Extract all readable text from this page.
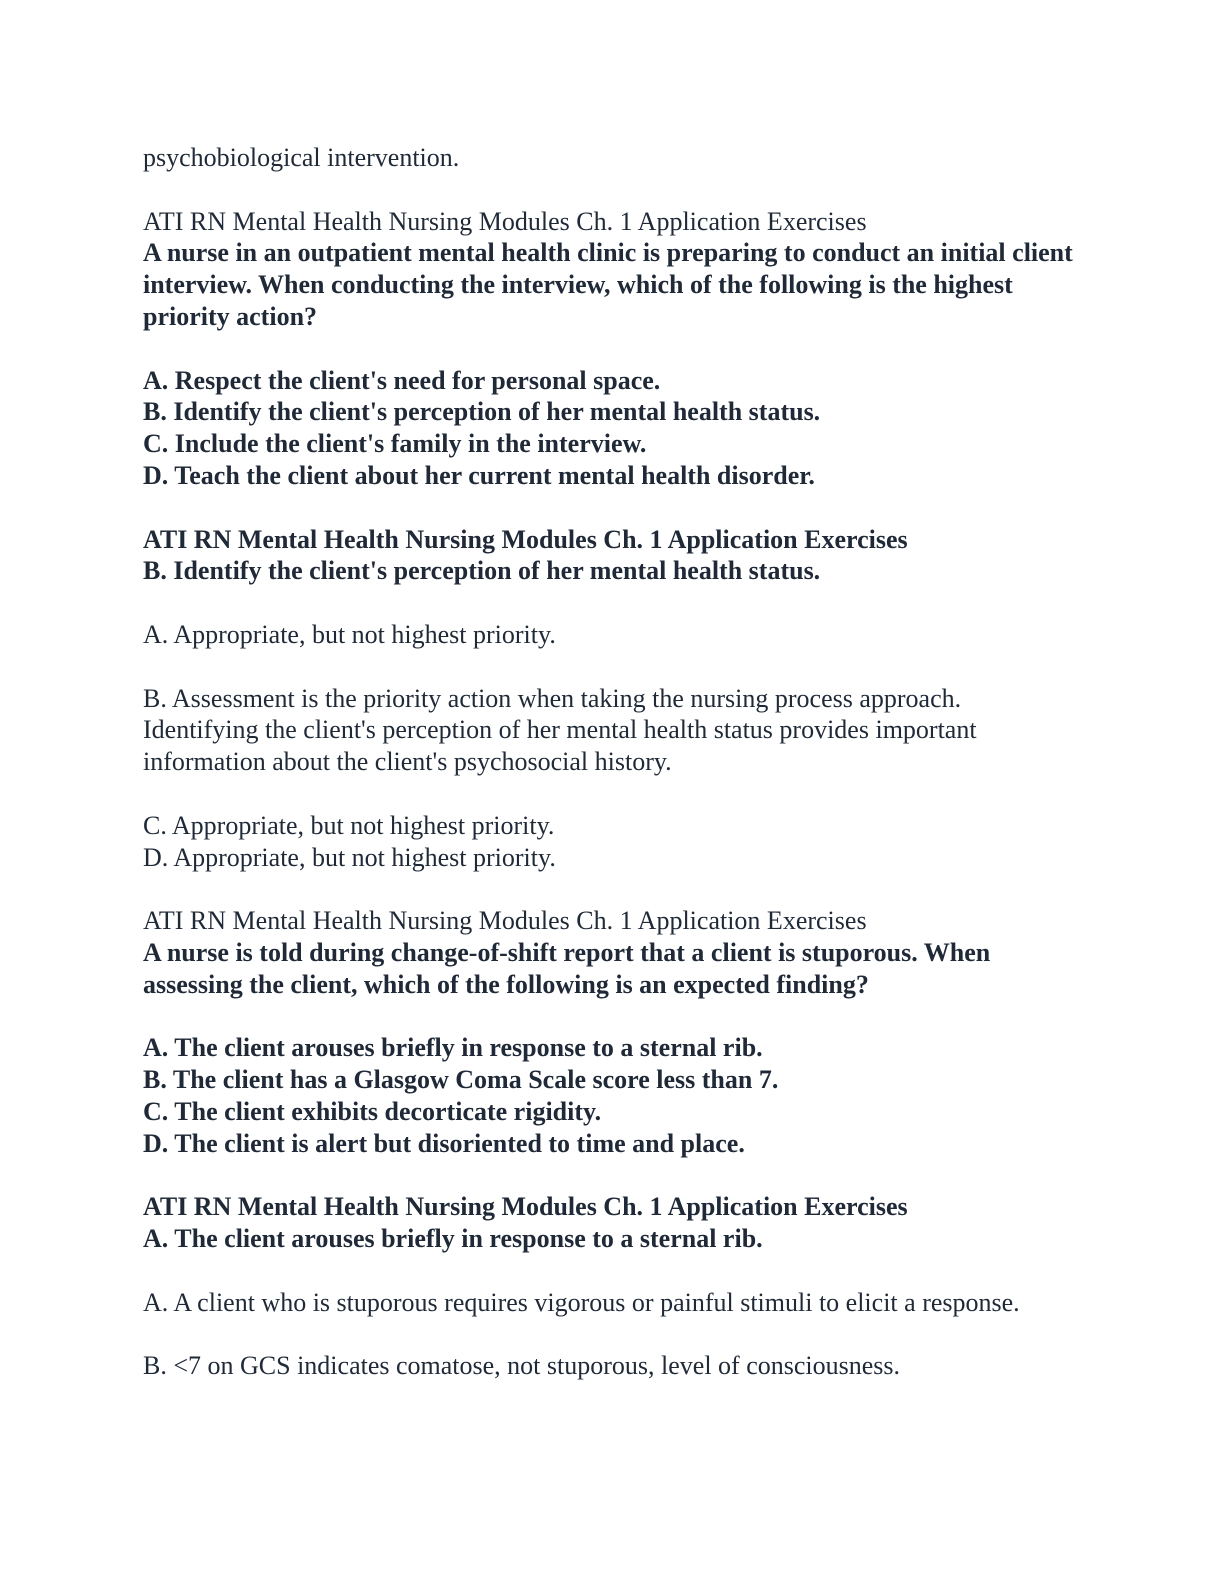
psychobiological intervention.
ATI RN Mental Health Nursing Modules Ch. 1 Application Exercises
A nurse in an outpatient mental health clinic is preparing to conduct an initial client interview. When conducting the interview, which of the following is the highest priority action?
A. Respect the client's need for personal space.
B. Identify the client's perception of her mental health status.
C. Include the client's family in the interview.
D. Teach the client about her current mental health disorder.
ATI RN Mental Health Nursing Modules Ch. 1 Application Exercises
B. Identify the client's perception of her mental health status.
A. Appropriate, but not highest priority.
B. Assessment is the priority action when taking the nursing process approach. Identifying the client's perception of her mental health status provides important information about the client's psychosocial history.
C. Appropriate, but not highest priority.
D. Appropriate, but not highest priority.
ATI RN Mental Health Nursing Modules Ch. 1 Application Exercises
A nurse is told during change-of-shift report that a client is stuporous. When assessing the client, which of the following is an expected finding?
A. The client arouses briefly in response to a sternal rib.
B. The client has a Glasgow Coma Scale score less than 7.
C. The client exhibits decorticate rigidity.
D. The client is alert but disoriented to time and place.
ATI RN Mental Health Nursing Modules Ch. 1 Application Exercises
A. The client arouses briefly in response to a sternal rib.
A. A client who is stuporous requires vigorous or painful stimuli to elicit a response.
B. <7 on GCS indicates comatose, not stuporous, level of consciousness.
